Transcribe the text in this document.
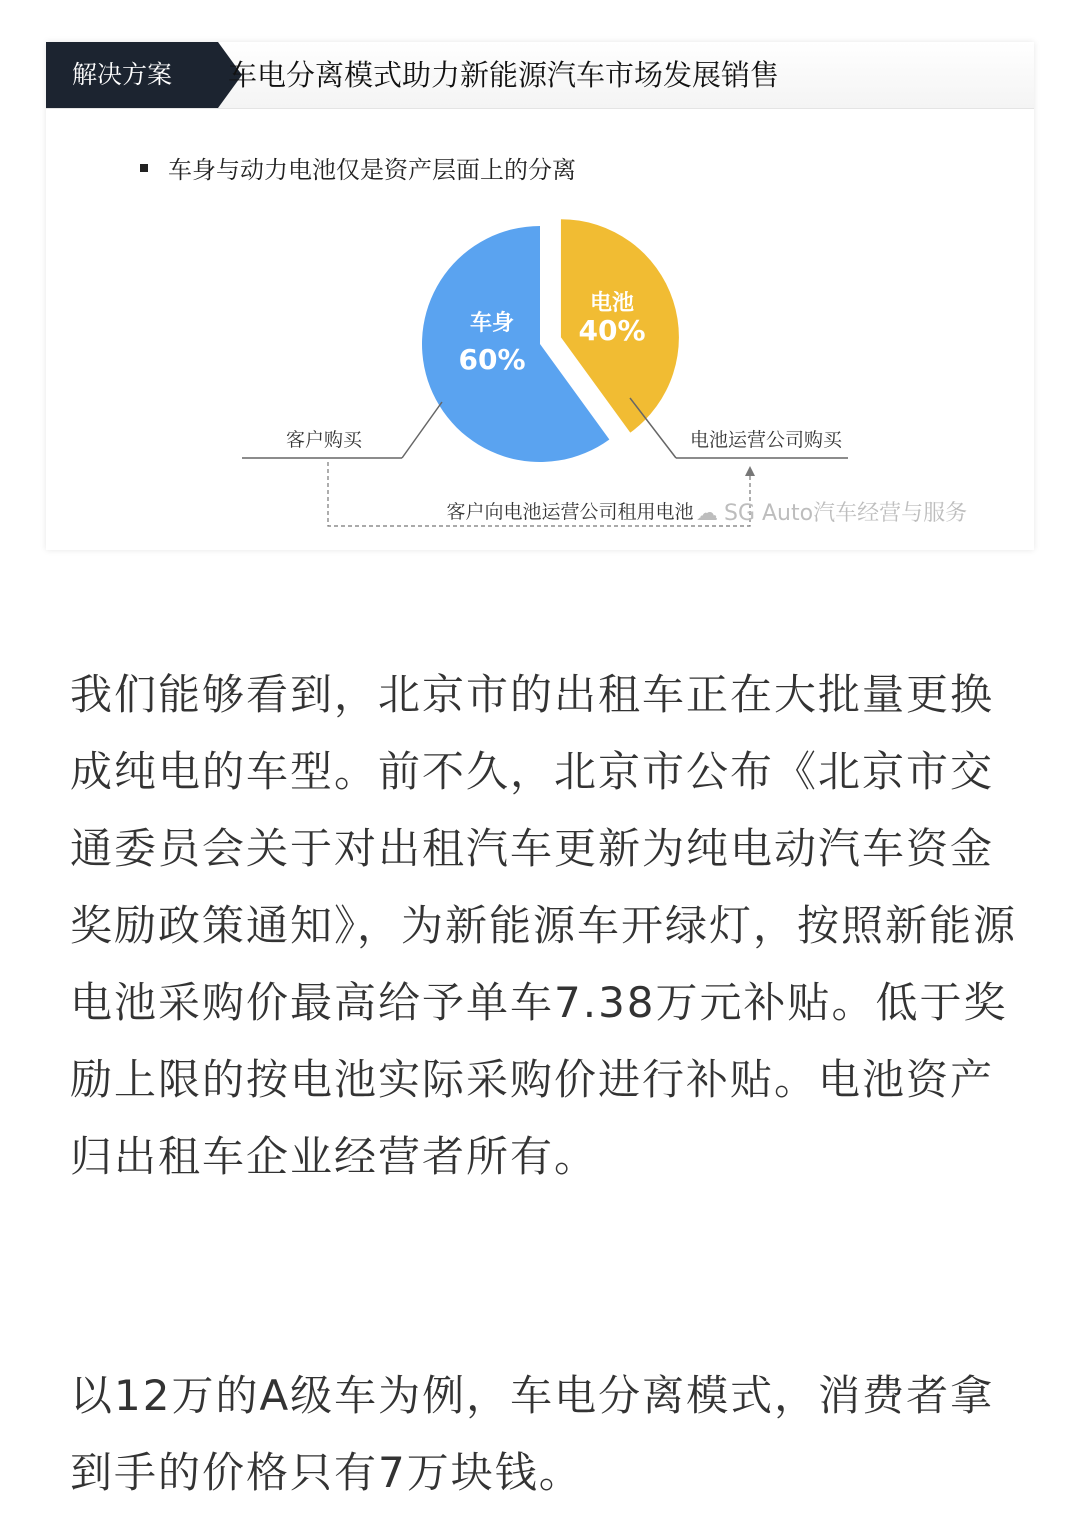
解决方案	车电分离模式助力新能源汽车市场发展销售
车身与动力电池仅是资产层面上的分离
车身
60%
电池
40%
客户购买	电池运营公司购买
客户向电池运营公司租用电池 ☁ SG Auto汽车经营与服务

我们能够看到，北京市的出租车正在大批量更换成纯电的车型。前不久，北京市公布《北京市交通委员会关于对出租汽车更新为纯电动汽车资金奖励政策通知》，为新能源车开绿灯，按照新能源电池采购价最高给予单车7.38万元补贴。低于奖励上限的按电池实际采购价进行补贴。电池资产归出租车企业经营者所有。

以12万的A级车为例，车电分离模式，消费者拿到手的价格只有7万块钱。
